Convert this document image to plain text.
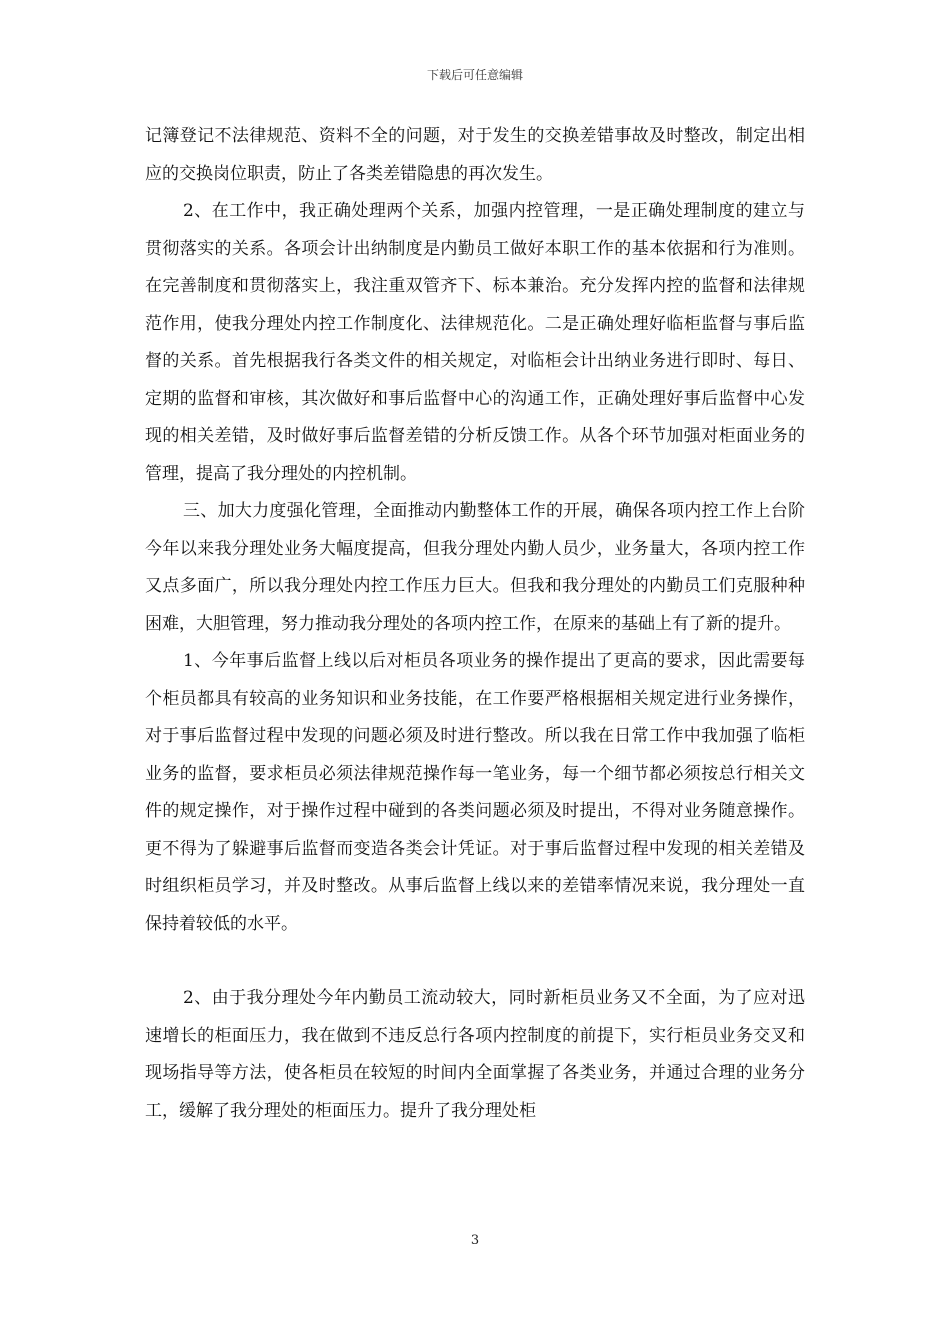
下载后可任意编辑

记簿登记不法律规范、资料不全的问题，对于发生的交换差错事故及时整改，制定出相应的交换岗位职责，防止了各类差错隐患的再次发生。

2、在工作中，我正确处理两个关系，加强内控管理，一是正确处理制度的建立与贯彻落实的关系。各项会计出纳制度是内勤员工做好本职工作的基本依据和行为准则。在完善制度和贯彻落实上，我注重双管齐下、标本兼治。充分发挥内控的监督和法律规范作用，使我分理处内控工作制度化、法律规范化。二是正确处理好临柜监督与事后监督的关系。首先根据我行各类文件的相关规定，对临柜会计出纳业务进行即时、每日、定期的监督和审核，其次做好和事后监督中心的沟通工作，正确处理好事后监督中心发现的相关差错，及时做好事后监督差错的分析反馈工作。从各个环节加强对柜面业务的管理，提高了我分理处的内控机制。

三、加大力度强化管理，全面推动内勤整体工作的开展，确保各项内控工作上台阶今年以来我分理处业务大幅度提高，但我分理处内勤人员少，业务量大，各项内控工作又点多面广，所以我分理处内控工作压力巨大。但我和我分理处的内勤员工们克服种种困难，大胆管理，努力推动我分理处的各项内控工作，在原来的基础上有了新的提升。

1、今年事后监督上线以后对柜员各项业务的操作提出了更高的要求，因此需要每个柜员都具有较高的业务知识和业务技能，在工作要严格根据相关规定进行业务操作，对于事后监督过程中发现的问题必须及时进行整改。所以我在日常工作中我加强了临柜业务的监督，要求柜员必须法律规范操作每一笔业务，每一个细节都必须按总行相关文件的规定操作，对于操作过程中碰到的各类问题必须及时提出，不得对业务随意操作。更不得为了躲避事后监督而变造各类会计凭证。对于事后监督过程中发现的相关差错及时组织柜员学习，并及时整改。从事后监督上线以来的差错率情况来说，我分理处一直保持着较低的水平。

2、由于我分理处今年内勤员工流动较大，同时新柜员业务又不全面，为了应对迅速增长的柜面压力，我在做到不违反总行各项内控制度的前提下，实行柜员业务交叉和现场指导等方法，使各柜员在较短的时间内全面掌握了各类业务，并通过合理的业务分工，缓解了我分理处的柜面压力。提升了我分理处柜

3
